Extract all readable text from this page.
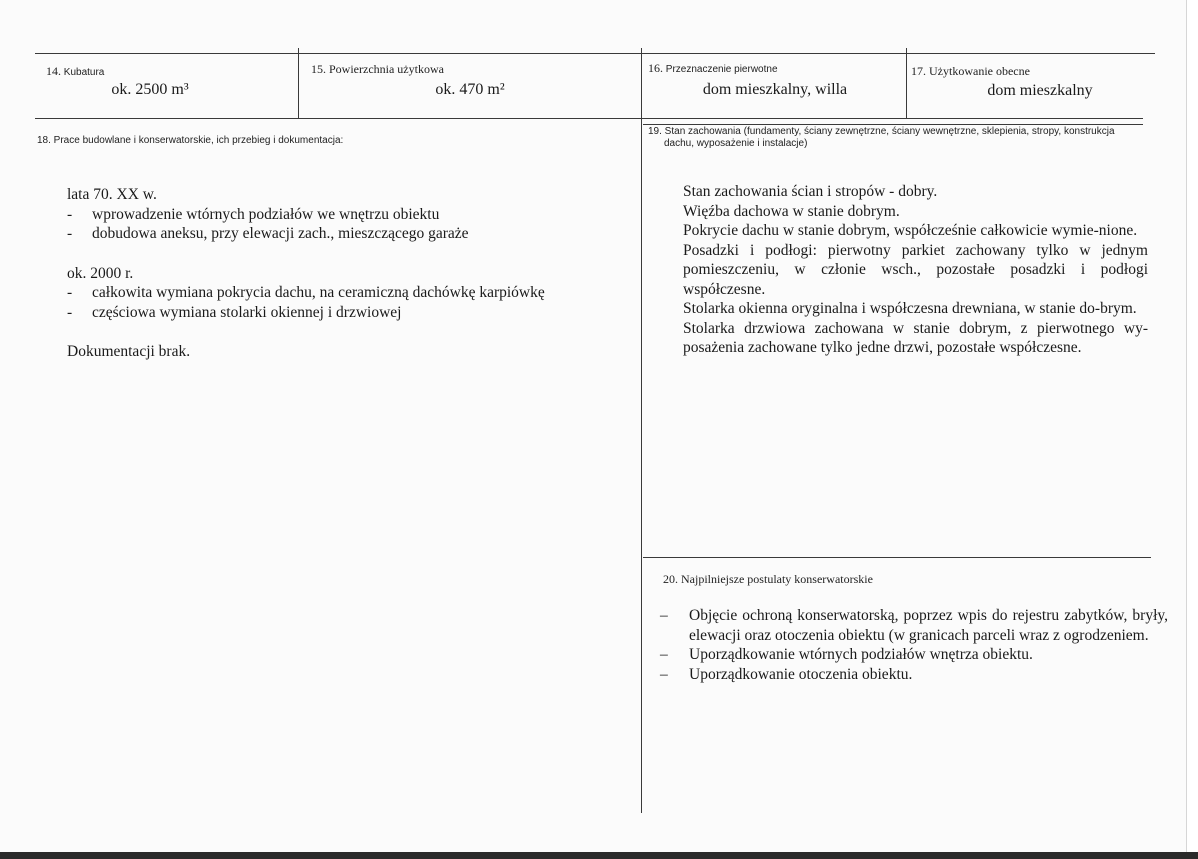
14. Kubatura
ok. 2500 m³
15. Powierzchnia użytkowa
ok. 470 m²
16. Przeznaczenie pierwotne
dom mieszkalny, willa
17. Użytkowanie obecne
dom mieszkalny
18. Prace budowlane i konserwatorskie, ich przebieg i dokumentacja:

lata 70. XX w.

-	wprowadzenie wtórnych podziałów we wnętrzu obiektu
-	dobudowa aneksu, przy elewacji zach., mieszczącego garaże

ok. 2000 r.

-	całkowita wymiana pokrycia dachu, na ceramiczną dachówkę karpiówkę
-	częściowa wymiana stolarki okiennej i drzwiowej

Dokumentacji brak.

19. Stan zachowania (fundamenty, ściany zewnętrzne, ściany wewnętrzne, sklepienia, stropy, konstrukcja
dachu, wyposażenie i instalacje)

Stan zachowania ścian i stropów - dobry.

Więźba dachowa w stanie dobrym.

Pokrycie dachu w stanie dobrym, współcześnie całkowicie wymie-nione.

Posadzki i podłogi: pierwotny parkiet zachowany tylko w jednym pomieszczeniu, w członie wsch., pozostałe posadzki i podłogi współczesne.

Stolarka okienna oryginalna i współczesna drewniana, w stanie do-brym.

Stolarka drzwiowa zachowana w stanie dobrym, z pierwotnego wy-posażenia zachowane tylko jedne drzwi, pozostałe współczesne.

20. Najpilniejsze postulaty konserwatorskie
–	Objęcie ochroną konserwatorską, poprzez wpis do rejestru zabytków, bryły, elewacji oraz otoczenia obiektu (w granicach parceli wraz z ogrodzeniem.
–	Uporządkowanie wtórnych podziałów wnętrza obiektu.
–	Uporządkowanie otoczenia obiektu.
